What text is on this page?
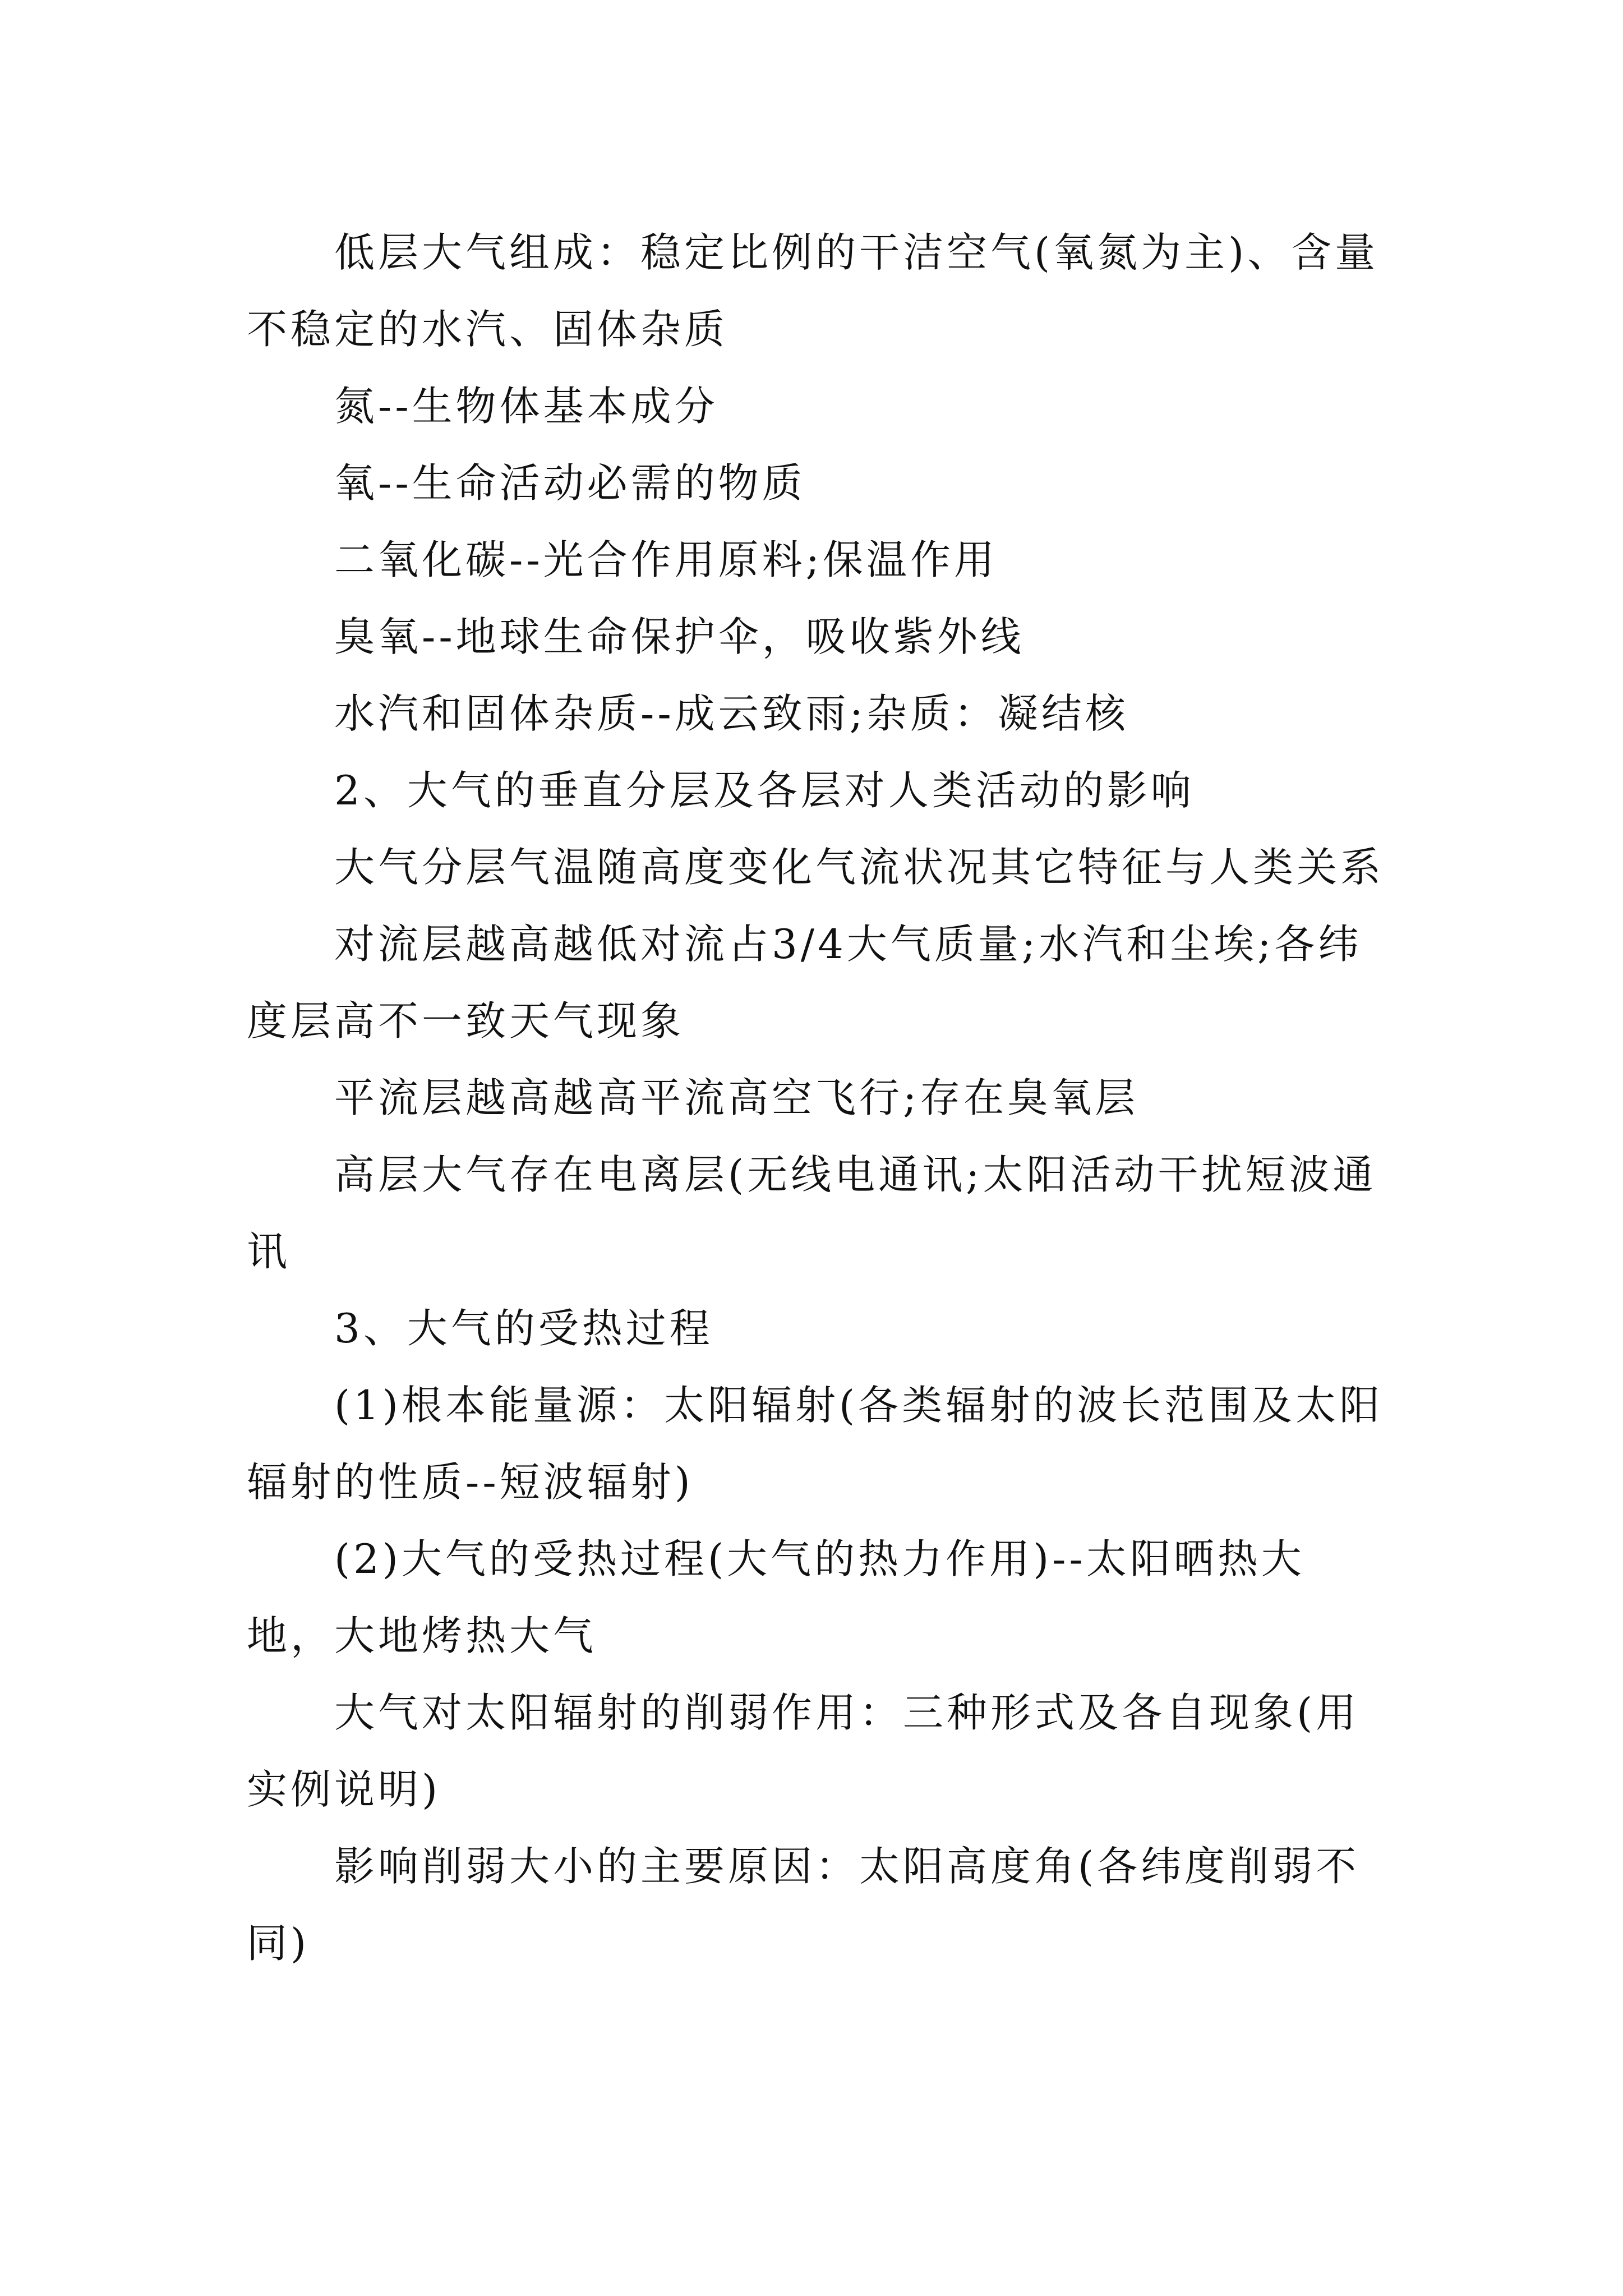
低层大气组成：稳定比例的干洁空气(氧氮为主)、含量不稳定的水汽、固体杂质

氮--生物体基本成分

氧--生命活动必需的物质

二氧化碳--光合作用原料;保温作用

臭氧--地球生命保护伞，吸收紫外线

水汽和固体杂质--成云致雨;杂质：凝结核

2、大气的垂直分层及各层对人类活动的影响

大气分层气温随高度变化气流状况其它特征与人类关系

对流层越高越低对流占3/4大气质量;水汽和尘埃;各纬度层高不一致天气现象

平流层越高越高平流高空飞行;存在臭氧层

高层大气存在电离层(无线电通讯;太阳活动干扰短波通讯

3、大气的受热过程

(1)根本能量源：太阳辐射(各类辐射的波长范围及太阳辐射的性质--短波辐射)

(2)大气的受热过程(大气的热力作用)--太阳晒热大地，大地烤热大气

大气对太阳辐射的削弱作用：三种形式及各自现象(用实例说明)

影响削弱大小的主要原因：太阳高度角(各纬度削弱不同)
